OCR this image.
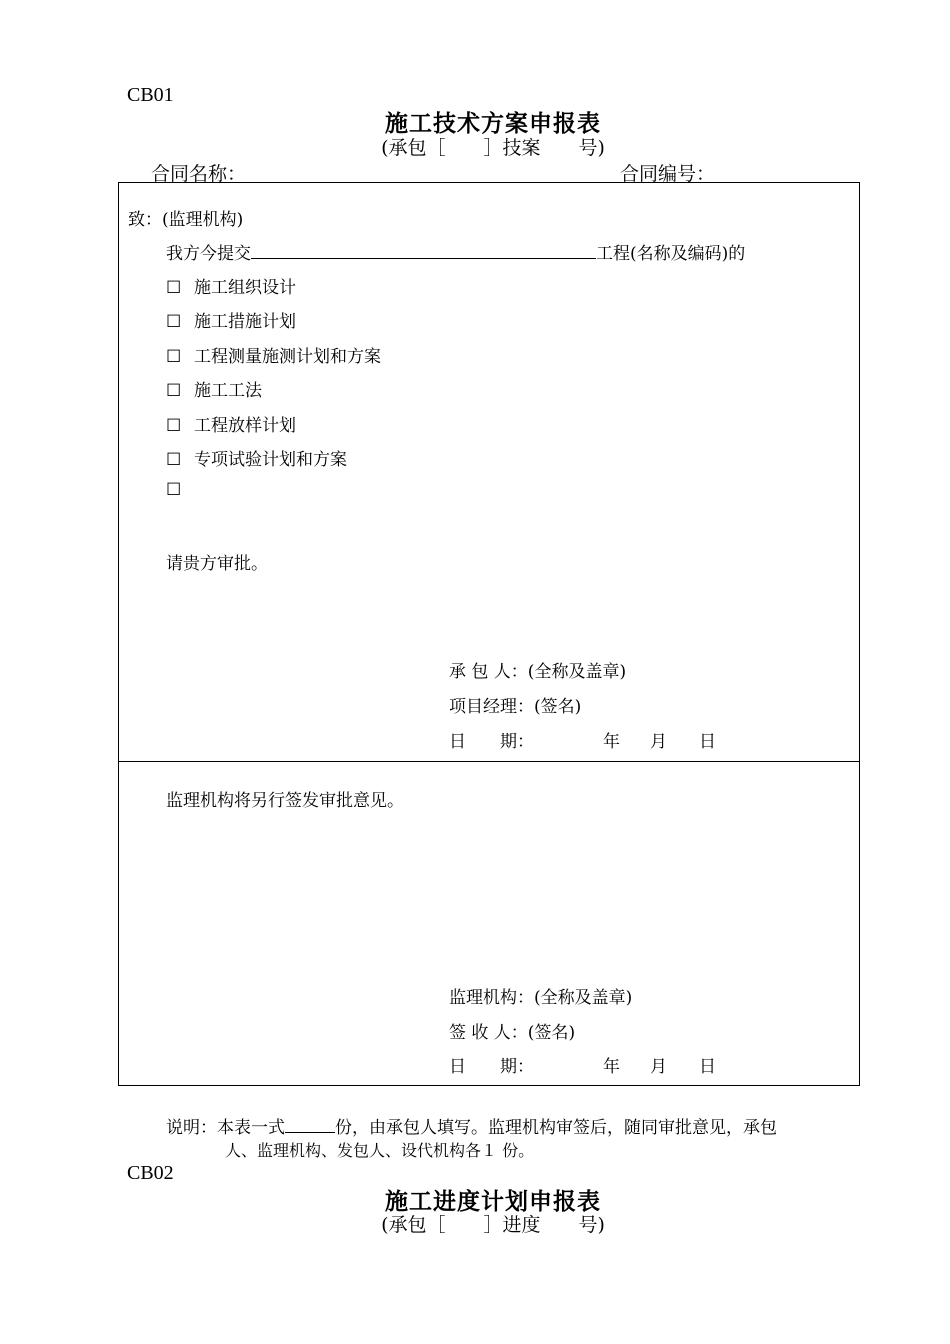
CB01
施工技术方案申报表
(承包［　　］技案　　号)
合同名称：	合同编号：
致：(监理机构)
我方今提交	工程(名称及编码)的
☐ 施工组织设计
☐ 施工措施计划
☐ 工程测量施测计划和方案
☐ 施工工法
☐ 工程放样计划
☐ 专项试验计划和方案
☐
请贵方审批。
承 包 人：(全称及盖章)
项目经理：(签名)
日　　期：	年 月 日
监理机构将另行签发审批意见。
监理机构：(全称及盖章)
签 收 人：(签名)
日　　期：	年 月 日
说明：本表一式	份，由承包人填写。监理机构审签后，随同审批意见，承包
人、监理机构、发包人、设代机构各１ 份。
CB02
施工进度计划申报表
(承包［　　］进度　　号)
